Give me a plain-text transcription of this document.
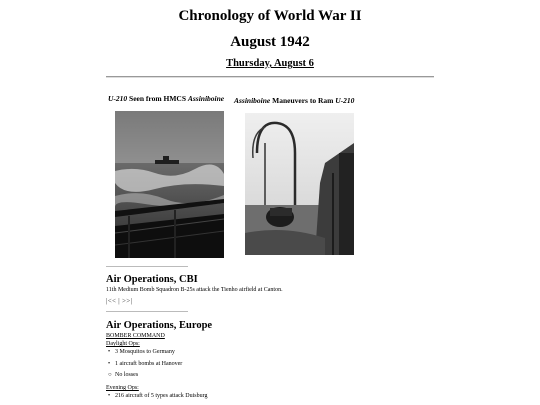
Chronology of World War II
August 1942
Thursday, August 6
U-210 Seen from HMCS Assiniboine Assiniboine Maneuvers to Ram U-210
Air Operations, CBI
11th Medium Bomb Squadron B-25s attack the Tienho airfield at Canton.
|<< | >>|
Air Operations, Europe
BOMBER COMMAND
Daylight Ops:
• 3 Mosquitos to Germany
• 1 aircraft bombs at Hanover
○ No losses
Evening Ops:
• 216 aircraft of 5 types attack Duisburg
